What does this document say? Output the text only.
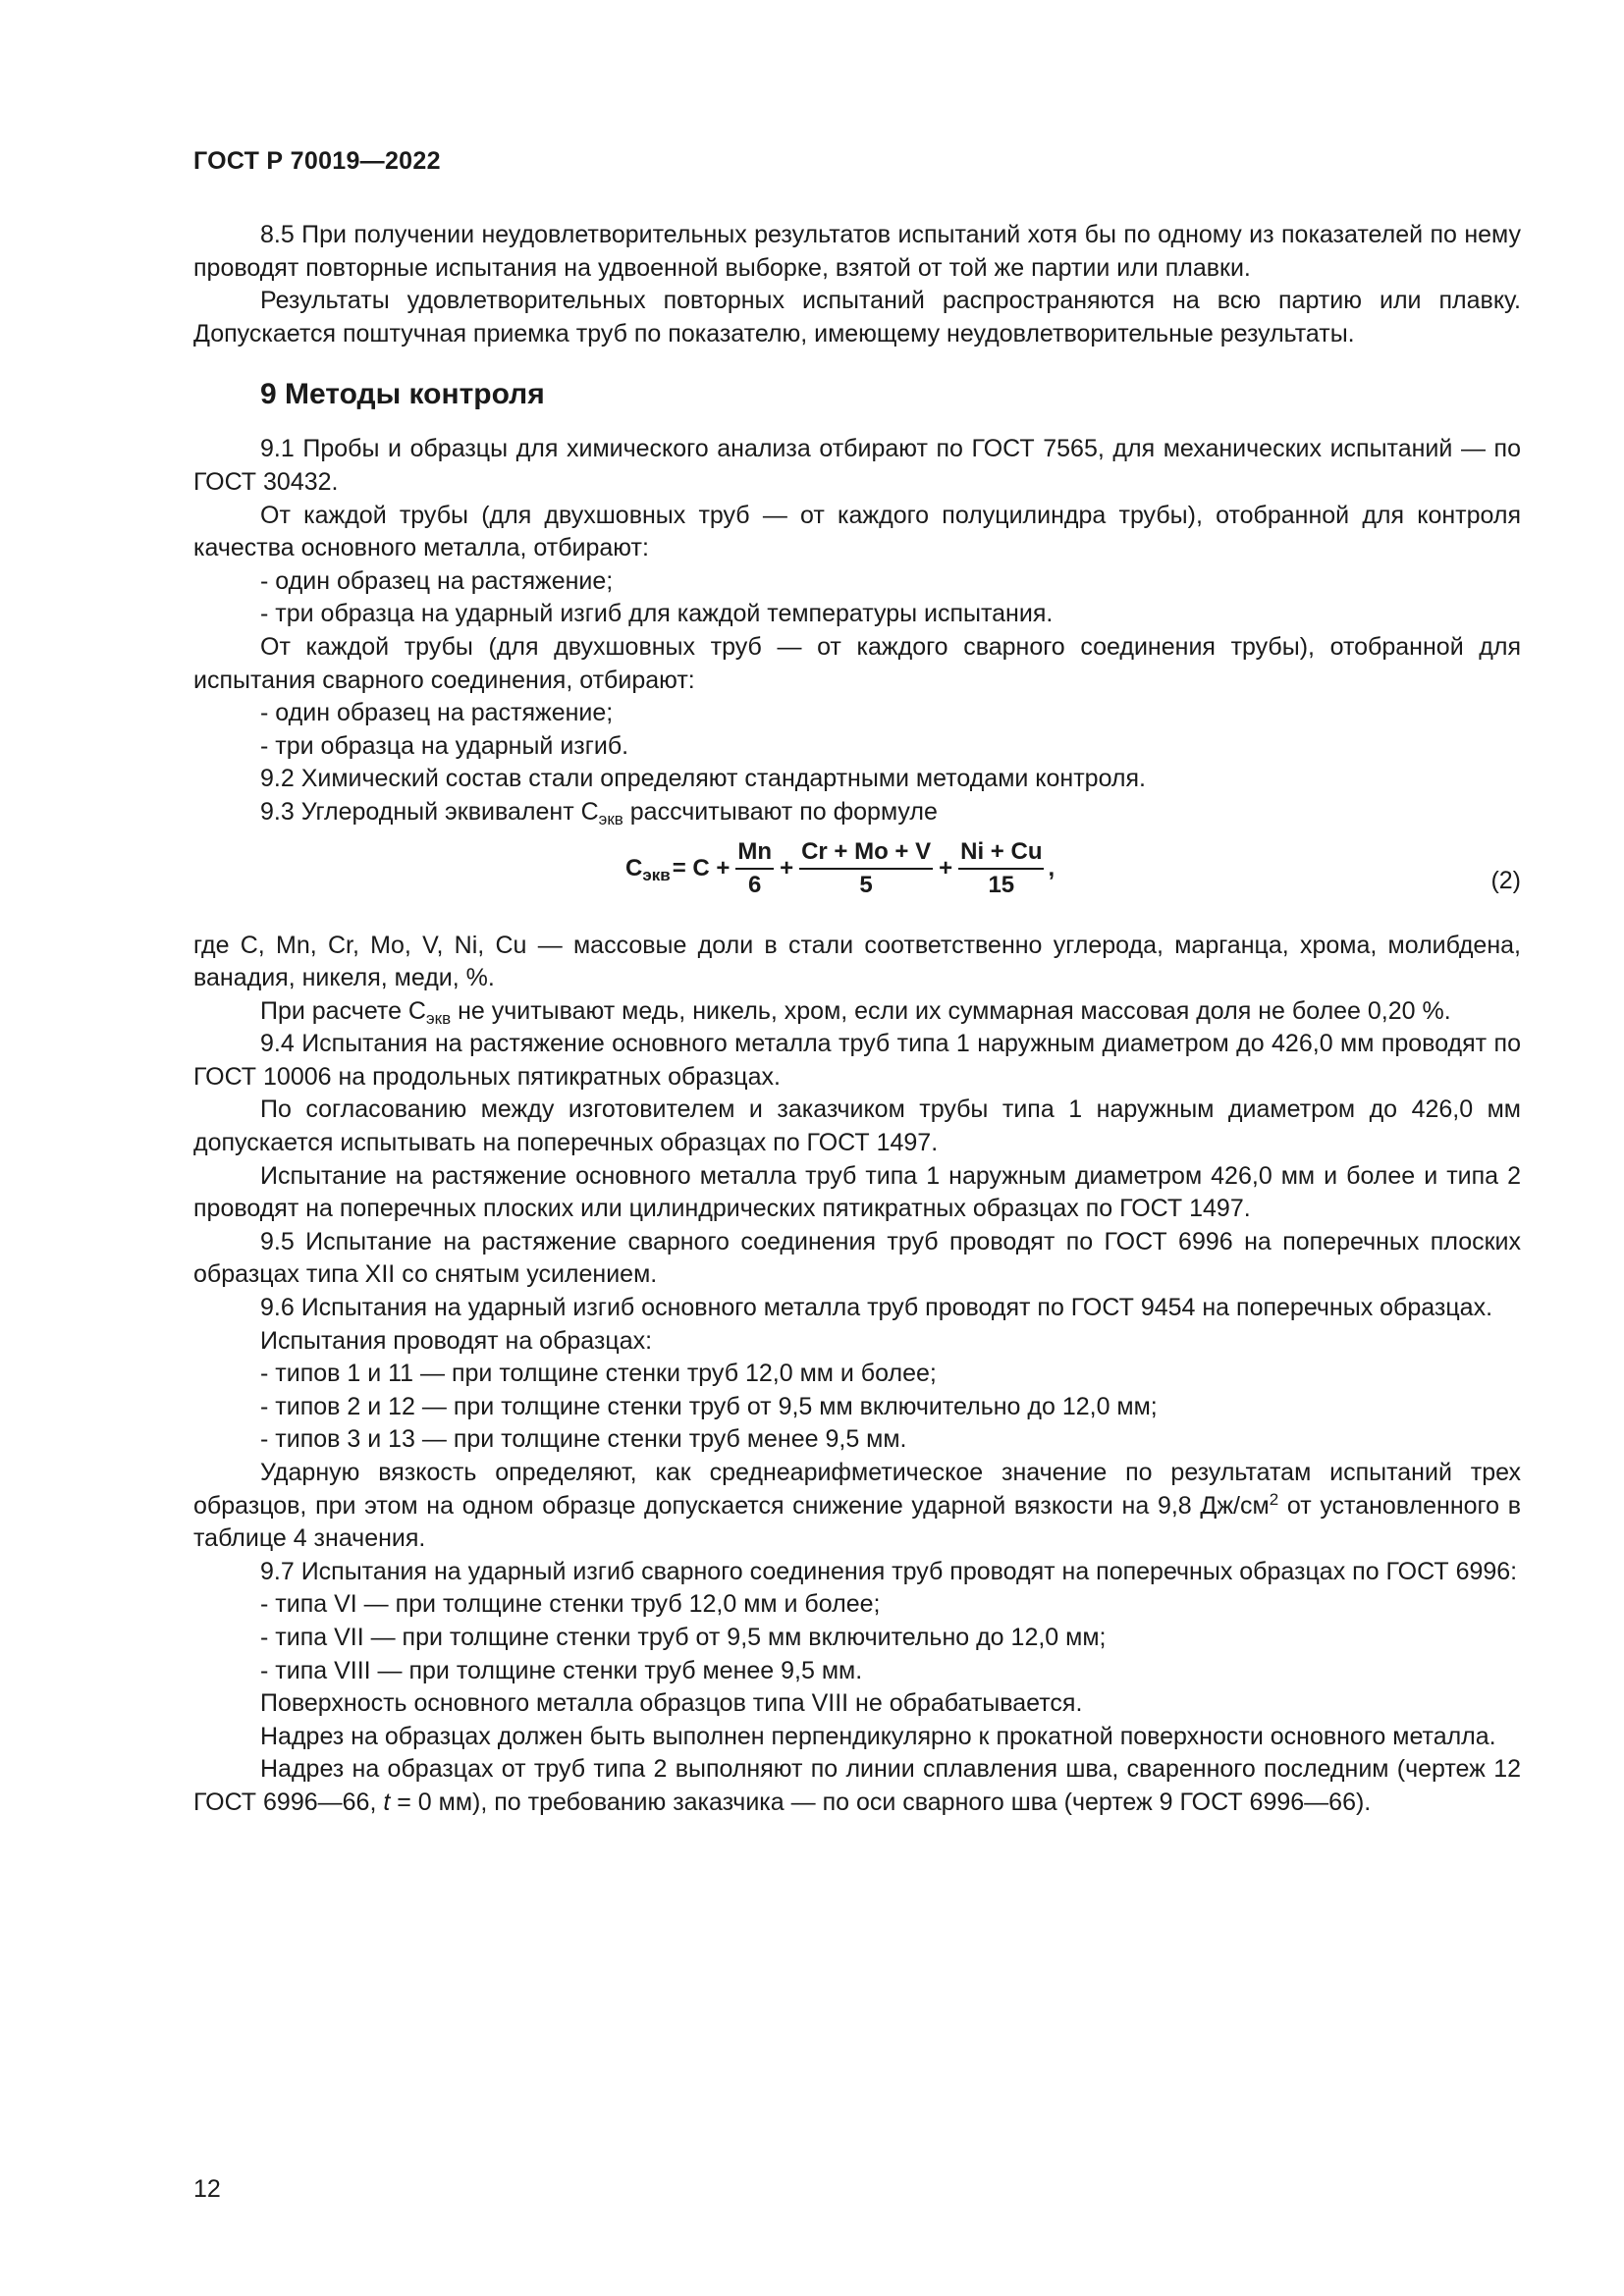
ГОСТ Р 70019—2022

8.5 При получении неудовлетворительных результатов испытаний хотя бы по одному из показателей по нему проводят повторные испытания на удвоенной выборке, взятой от той же партии или плавки.

Результаты удовлетворительных повторных испытаний распространяются на всю партию или плавку. Допускается поштучная приемка труб по показателю, имеющему неудовлетворительные результаты.

9 Методы контроля

9.1 Пробы и образцы для химического анализа отбирают по ГОСТ 7565, для механических испытаний — по ГОСТ 30432.

От каждой трубы (для двухшовных труб — от каждого полуцилиндра трубы), отобранной для контроля качества основного металла, отбирают:

- один образец на растяжение;

- три образца на ударный изгиб для каждой температуры испытания.

От каждой трубы (для двухшовных труб — от каждого сварного соединения трубы), отобранной для испытания сварного соединения, отбирают:

- один образец на растяжение;

- три образца на ударный изгиб.

9.2 Химический состав стали определяют стандартными методами контроля.

9.3 Углеродный эквивалент $С_{экв}$ рассчитывают по формуле

$С_{экв} = С + \frac{Mn}{6} + \frac{Cr + Mo + V}{5} + \frac{Ni + Cu}{15}$ ,	(2)

где C, Mn, Cr, Mo, V, Ni, Cu — массовые доли в стали соответственно углерода, марганца, хрома, молибдена, ванадия, никеля, меди, %.

При расчете $С_{экв}$ не учитывают медь, никель, хром, если их суммарная массовая доля не более 0,20 %.

9.4 Испытания на растяжение основного металла труб типа 1 наружным диаметром до 426,0 мм проводят по ГОСТ 10006 на продольных пятикратных образцах.

По согласованию между изготовителем и заказчиком трубы типа 1 наружным диаметром до 426,0 мм допускается испытывать на поперечных образцах по ГОСТ 1497.

Испытание на растяжение основного металла труб типа 1 наружным диаметром 426,0 мм и более и типа 2 проводят на поперечных плоских или цилиндрических пятикратных образцах по ГОСТ 1497.

9.5 Испытание на растяжение сварного соединения труб проводят по ГОСТ 6996 на поперечных плоских образцах типа XII со снятым усилением.

9.6 Испытания на ударный изгиб основного металла труб проводят по ГОСТ 9454 на поперечных образцах.

Испытания проводят на образцах:

- типов 1 и 11 — при толщине стенки труб 12,0 мм и более;

- типов 2 и 12 — при толщине стенки труб от 9,5 мм включительно до 12,0 мм;

- типов 3 и 13 — при толщине стенки труб менее 9,5 мм.

Ударную вязкость определяют, как среднеарифметическое значение по результатам испытаний трех образцов, при этом на одном образце допускается снижение ударной вязкости на 9,8 $Дж/см^2$ от установленного в таблице 4 значения.

9.7 Испытания на ударный изгиб сварного соединения труб проводят на поперечных образцах по ГОСТ 6996:

- типа VI — при толщине стенки труб 12,0 мм и более;

- типа VII — при толщине стенки труб от 9,5 мм включительно до 12,0 мм;

- типа VIII — при толщине стенки труб менее 9,5 мм.

Поверхность основного металла образцов типа VIII не обрабатывается.

Надрез на образцах должен быть выполнен перпендикулярно к прокатной поверхности основного металла.

Надрез на образцах от труб типа 2 выполняют по линии сплавления шва, сваренного последним (чертеж 12 ГОСТ 6996—66, t = 0 мм), по требованию заказчика — по оси сварного шва (чертеж 9 ГОСТ 6996—66).

12
